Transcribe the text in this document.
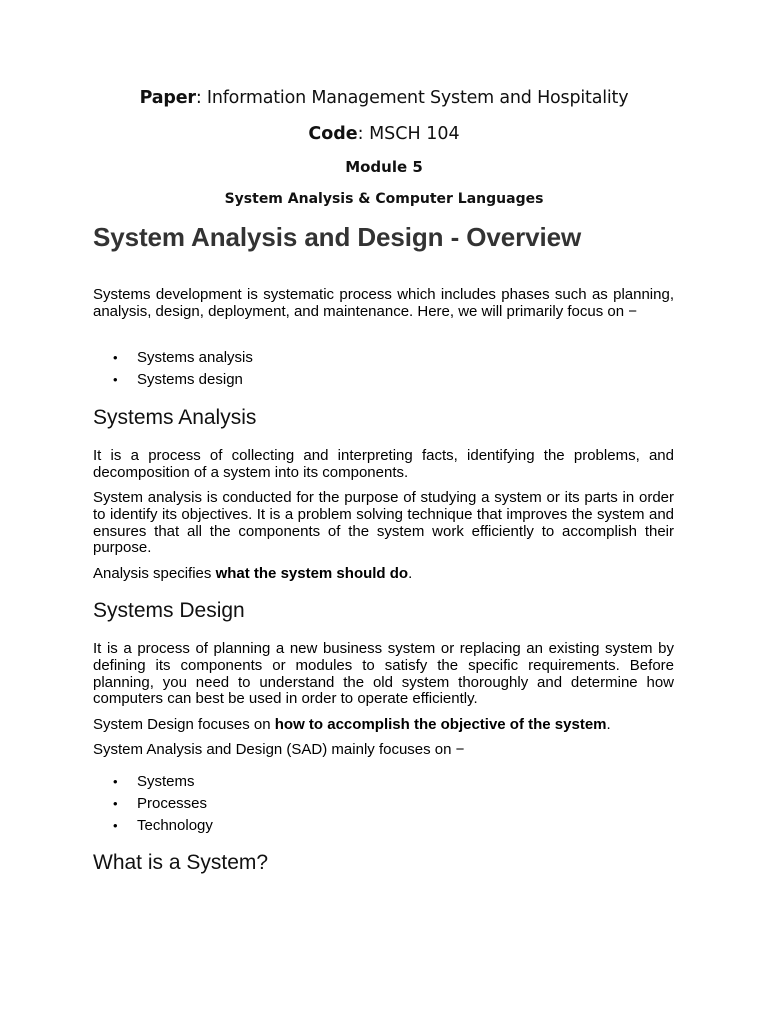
Paper: Information Management System and Hospitality
Code: MSCH 104
Module 5
System Analysis & Computer Languages
System Analysis and Design - Overview

Systems development is systematic process which includes phases such as planning, analysis, design, deployment, and maintenance. Here, we will primarily focus on −

• Systems analysis
• Systems design
Systems Analysis

It is a process of collecting and interpreting facts, identifying the problems, and decomposition of a system into its components.

System analysis is conducted for the purpose of studying a system or its parts in order to identify its objectives. It is a problem solving technique that improves the system and ensures that all the components of the system work efficiently to accomplish their purpose.

Analysis specifies what the system should do.

Systems Design

It is a process of planning a new business system or replacing an existing system by defining its components or modules to satisfy the specific requirements. Before planning, you need to understand the old system thoroughly and determine how computers can best be used in order to operate efficiently.

System Design focuses on how to accomplish the objective of the system.

System Analysis and Design (SAD) mainly focuses on −

• Systems
• Processes
• Technology
What is a System?
